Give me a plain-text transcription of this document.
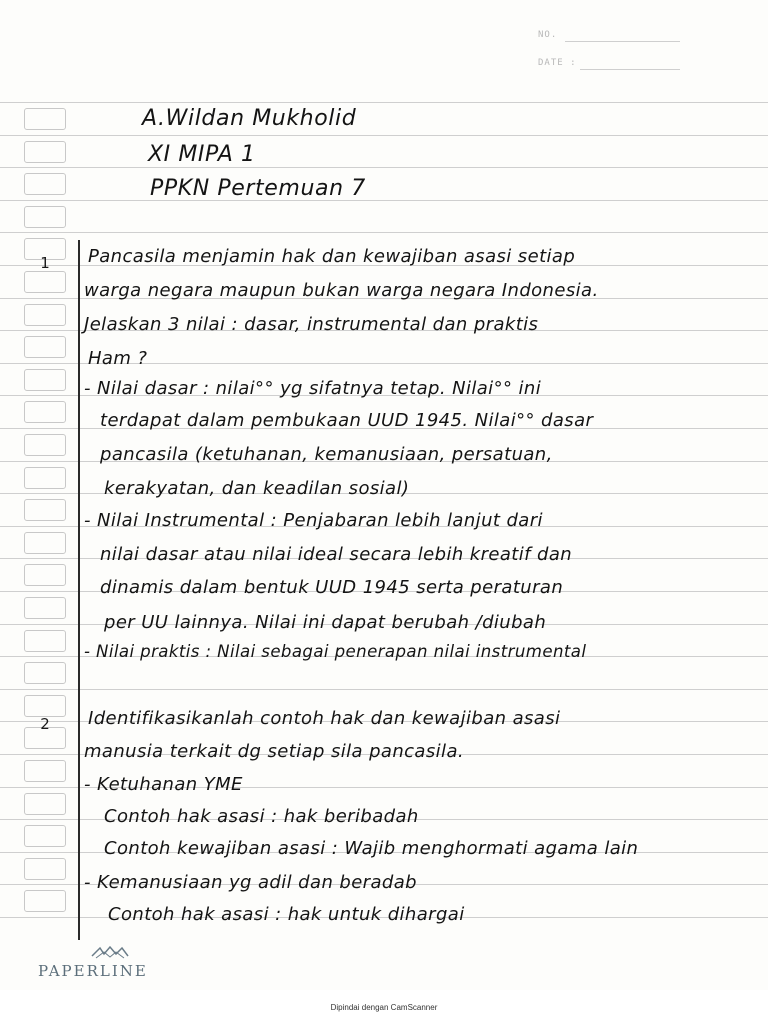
NO.
DATE :
A.Wildan Mukholid
XI MIPA 1
PPKN Pertemuan 7
1	Pancasila menjamin hak dan kewajiban asasi setiap
warga negara maupun bukan warga negara Indonesia.
Jelaskan 3 nilai : dasar, instrumental dan praktis
Ham ?
- Nilai dasar : nilai°° yg sifatnya tetap. Nilai°° ini
terdapat dalam pembukaan UUD 1945. Nilai°° dasar
pancasila (ketuhanan, kemanusiaan, persatuan,
kerakyatan, dan keadilan sosial)
- Nilai Instrumental : Penjabaran lebih lanjut dari
nilai dasar atau nilai ideal secara lebih kreatif dan
dinamis dalam bentuk UUD 1945 serta peraturan
per UU lainnya. Nilai ini dapat berubah /diubah
- Nilai praktis : Nilai sebagai penerapan nilai instrumental
2	Identifikasikanlah contoh hak dan kewajiban asasi
manusia terkait dg setiap sila pancasila.
- Ketuhanan YME
Contoh hak asasi : hak beribadah
Contoh kewajiban asasi : Wajib menghormati agama lain
- Kemanusiaan yg adil dan beradab
Contoh hak asasi : hak untuk dihargai
PAPERLINE
Dipindai dengan CamScanner
